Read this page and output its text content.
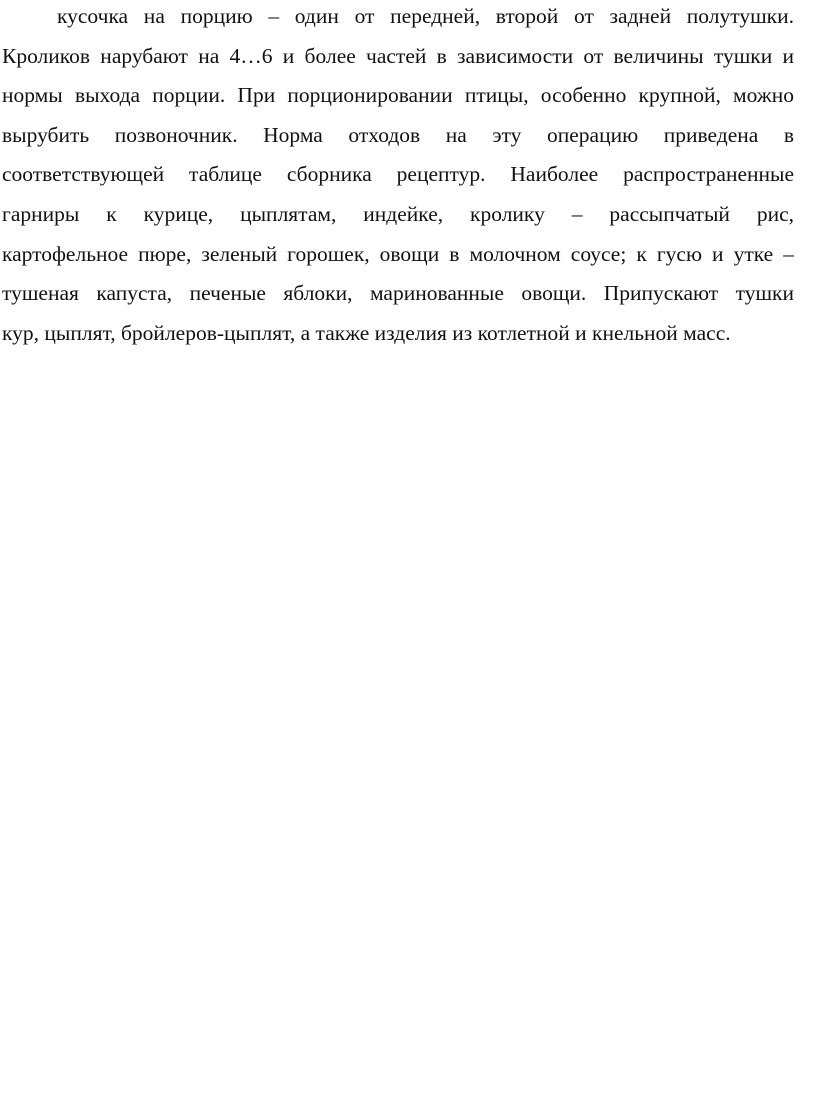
кусочка на порцию – один от передней, второй от задней полутушки.
Кроликов нарубают на 4…6 и более частей в зависимости от величины тушки и
нормы выхода порции. При порционировании птицы, особенно крупной, можно
вырубить позвоночник. Норма отходов на эту операцию приведена в
соответствующей таблице сборника рецептур. Наиболее распространенные
гарниры к курице, цыплятам, индейке, кролику – рассыпчатый рис,
картофельное пюре, зеленый горошек, овощи в молочном соусе; к гусю и утке –
тушеная капуста, печеные яблоки, маринованные овощи. Припускают тушки
кур, цыплят, бройлеров-цыплят, а также изделия из котлетной и кнельной масс.
